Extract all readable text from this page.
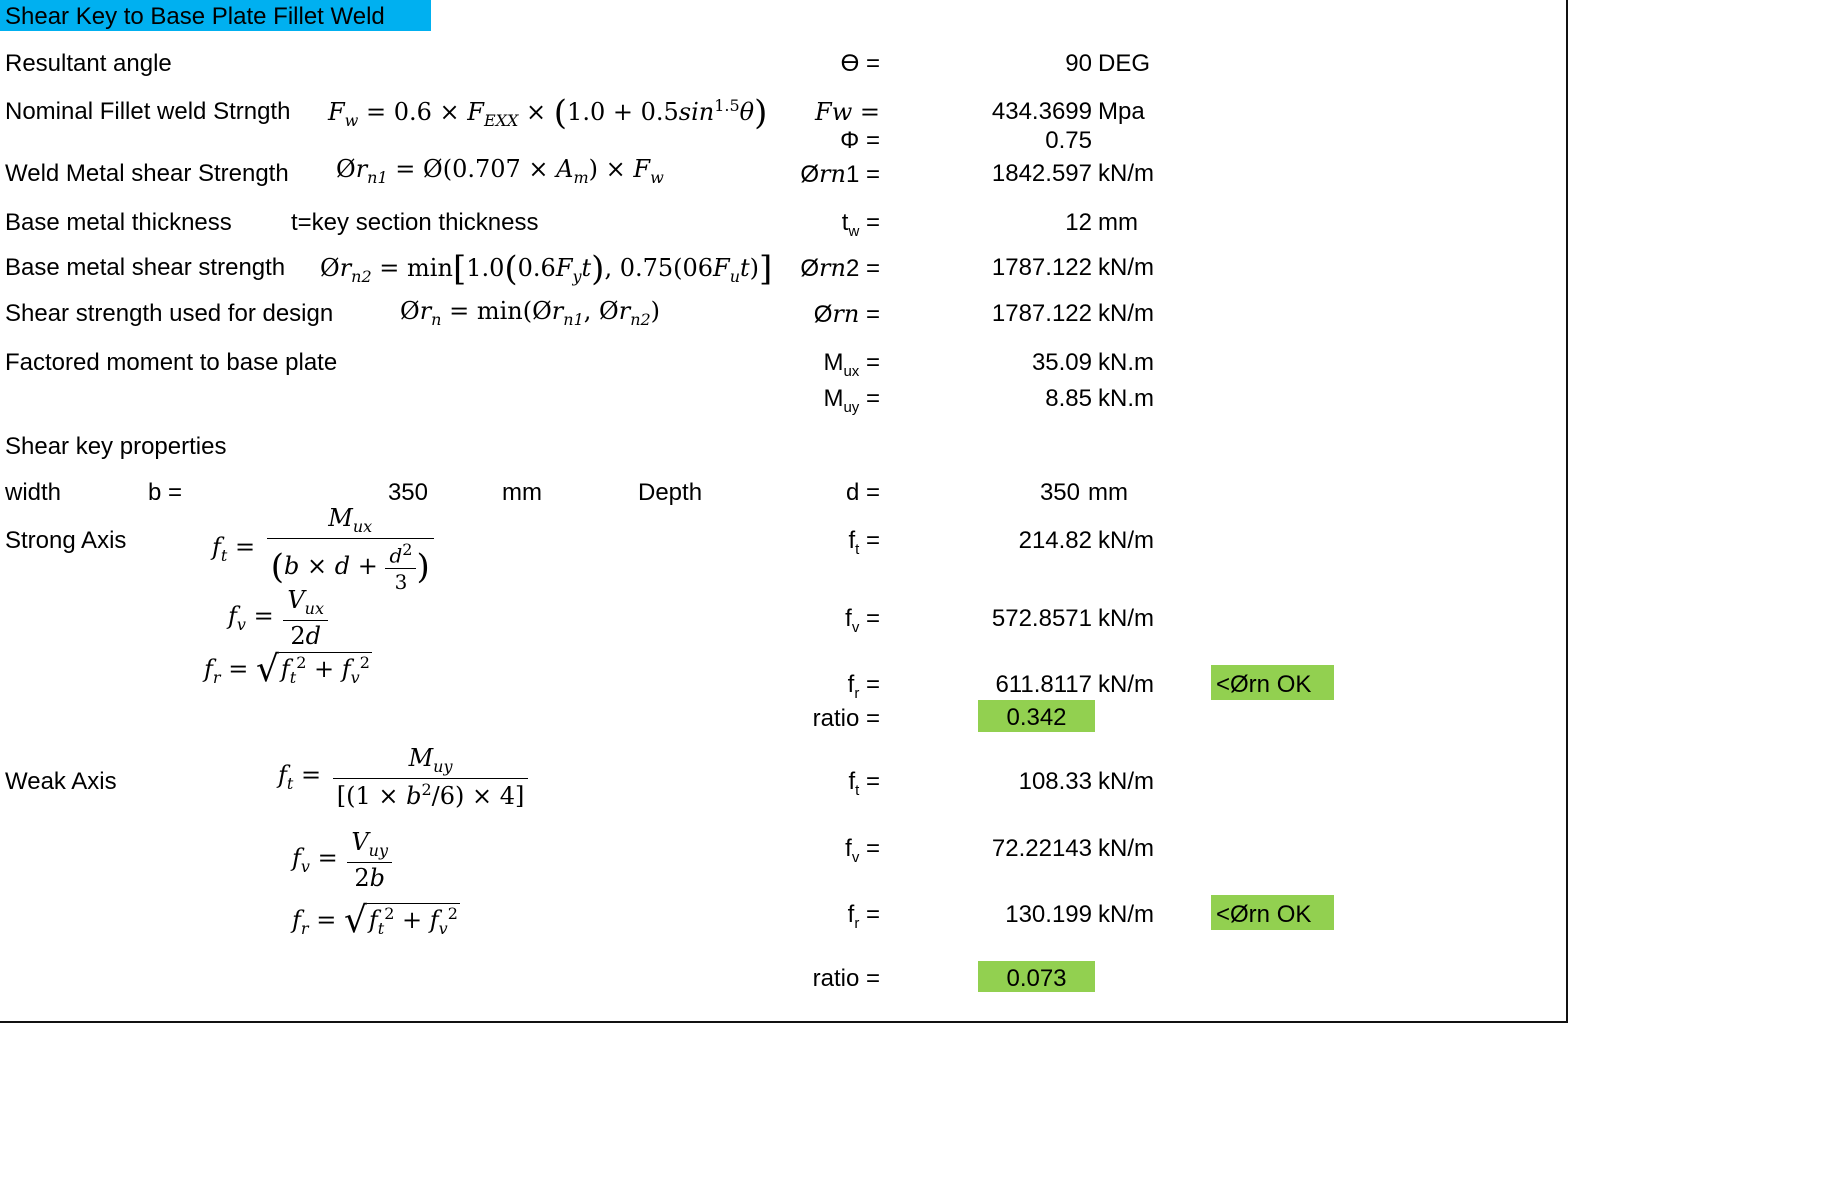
Shear Key to Base Plate Fillet Weld
Resultant angle	ϴ =	90 DEG
Nominal Fillet weld Strngth $F_w = 0.6 \times F_{EXX} \times (1.0 + 0.5\sin^{1.5}\theta)$	Fw =	434.3699 Mpa
Φ =	0.75
Weld Metal shear Strength $Ør_{n1}$ = Ø(0.707 × $A_m) \times F_w$	Ørn1 =	1842.597 kN/m
Base metal thickness t=key section thickness	$t_w$ =	12 mm
Base metal shear strength $Ør_{n2} = \min[1.0(0.6F_yt)$, $0.75(06F_ut)$]	Ørn2 =	1787.122 kN/m
Shear strength used for design	$Ør_n$ = $\min(Ør_{n1}$, $Ør_{n2}$)	Ørn =	1787.122 kN/m
Factored moment to base plate	$M_{ux}$ =	35.09 kN.m
$M_{uy}$ =	8.85 kN.m
Shear key properties
width	b =	350	mm	Depth	d =	350 mm
Strong Axis	$f_t = \frac{M_{ux}}{(b \times d + \frac{d^2}{3} )}$	$f_t$ =	214.82 kN/m
$f_v = \frac{V_{ux}}{2d}$	$f_v$ =	572.8571 kN/m
$f_r = √f_t^2 + f_v^2$
$f_r$ =	611.8117 kN/m	<Ørn OK
ratio =	0.342
Weak Axis	$f_t = \frac{M_{uy}}{[(1 \times b^2/6) \times 4]}$	$f_t$ =	108.33 kN/m
$f_v = \frac{V_{uy}}{2b}$	$f_v$ =	72.22143 kN/m
$f_r = √f_t^2 + f_v^2$	$f_r$ =	130.199 kN/m	<Ørn OK
ratio =	0.073
